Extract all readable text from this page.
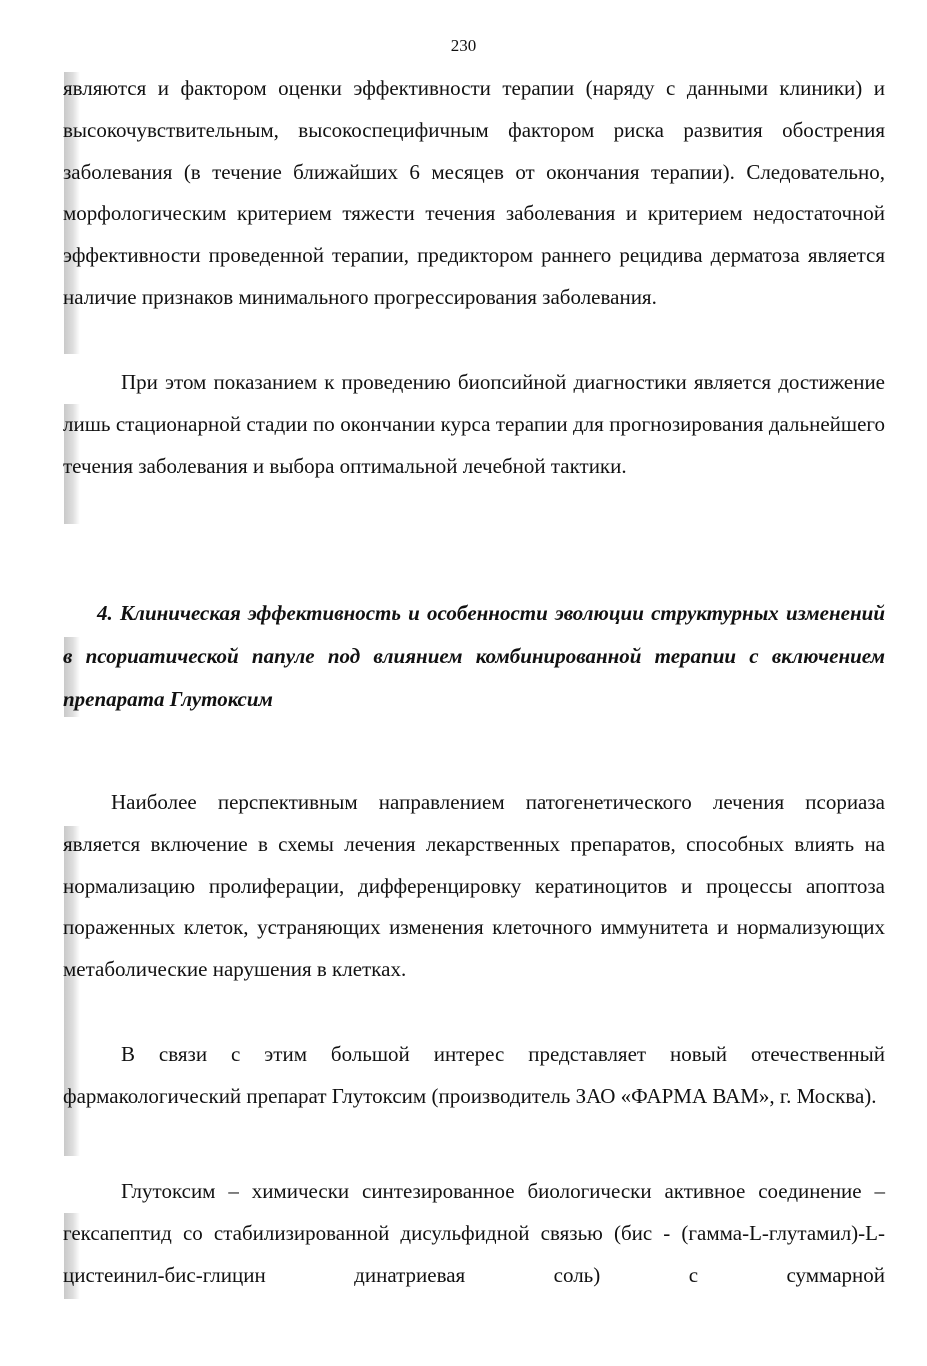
230

являются и фактором оценки эффективности терапии (наряду с данными клиники) и высокочувствительным, высокоспецифичным фактором риска развития обострения заболевания (в течение ближайших 6 месяцев от окончания терапии). Следовательно, морфологическим критерием тяжести течения заболевания и критерием недостаточной эффективности проведенной терапии, предиктором раннего рецидива дерматоза является наличие признаков минимального прогрессирования заболевания.

При этом показанием к проведению биопсийной диагностики является достижение лишь стационарной стадии по окончании курса терапии для прогнозирования дальнейшего течения заболевания и выбора оптимальной лечебной тактики.

4. Клиническая эффективность и особенности эволюции структурных изменений в псориатической папуле под влиянием комбинированной терапии с включением препарата Глутоксим

Наиболее перспективным направлением патогенетического лечения псориаза является включение в схемы лечения лекарственных препаратов, способных влиять на нормализацию пролиферации, дифференцировку кератиноцитов и процессы апоптоза пораженных клеток, устраняющих изменения клеточного иммунитета и нормализующих метаболические нарушения в клетках.

В связи с этим большой интерес представляет новый отечественный фармакологический препарат Глутоксим (производитель ЗАО «ФАРМА ВАМ», г. Москва).

Глутоксим – химически синтезированное биологически активное соединение – гексапептид со стабилизированной дисульфидной связью (бис - (гамма-L-глутамил)-L-цистеинил-бис-глицин динатриевая соль) с суммарной
